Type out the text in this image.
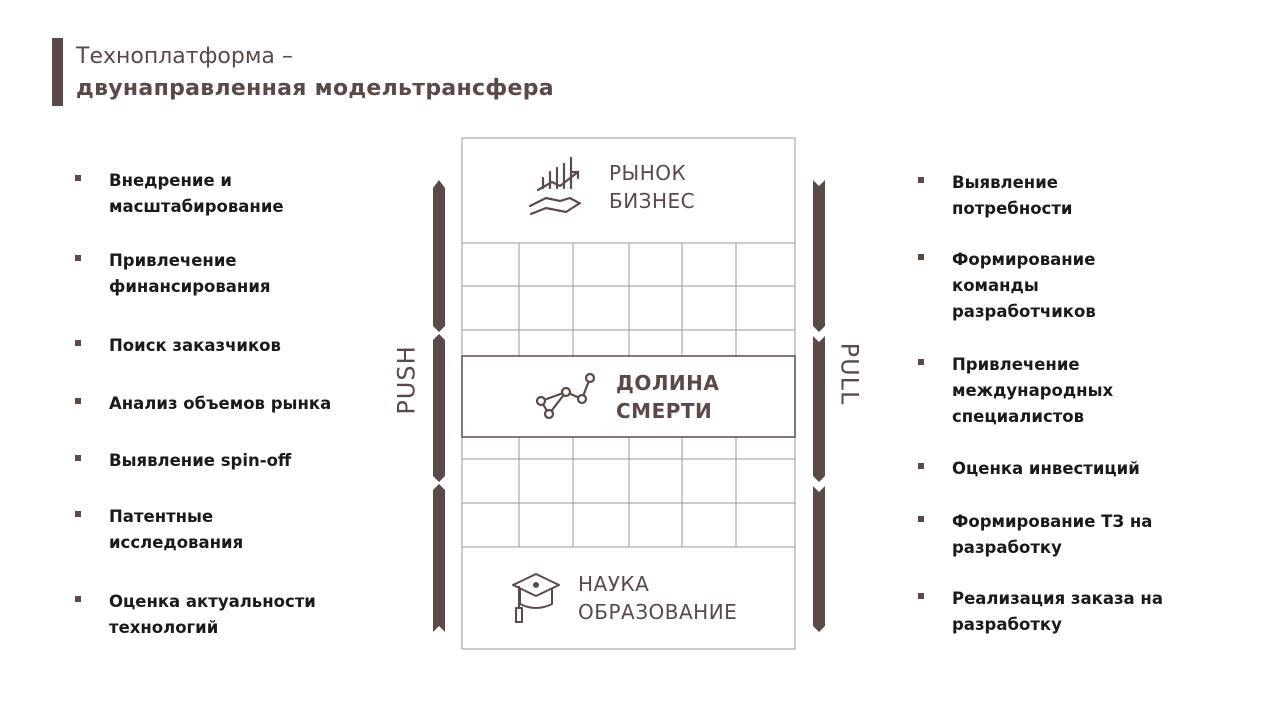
Технoплатформа –
двунаправленная модельтрансфера
Внедрение и
масштабирование
Привлечение
финансирования
Поиск заказчиков
Анализ объемов рынка
Выявление spin-off
Патентные
исследования
Оценка актуальности
технологий
Выявление
потребности
Формирование
команды
разработчиков
Привлечение
международных
специалистов
Оценка инвестиций
Формирование ТЗ на
разработку
Реализация заказа на
разработку
PUSH	PULL
РЫНОК
БИЗНЕС
ДОЛИНА
СМЕРТИ
НАУКА
ОБРАЗОВАНИЕ
